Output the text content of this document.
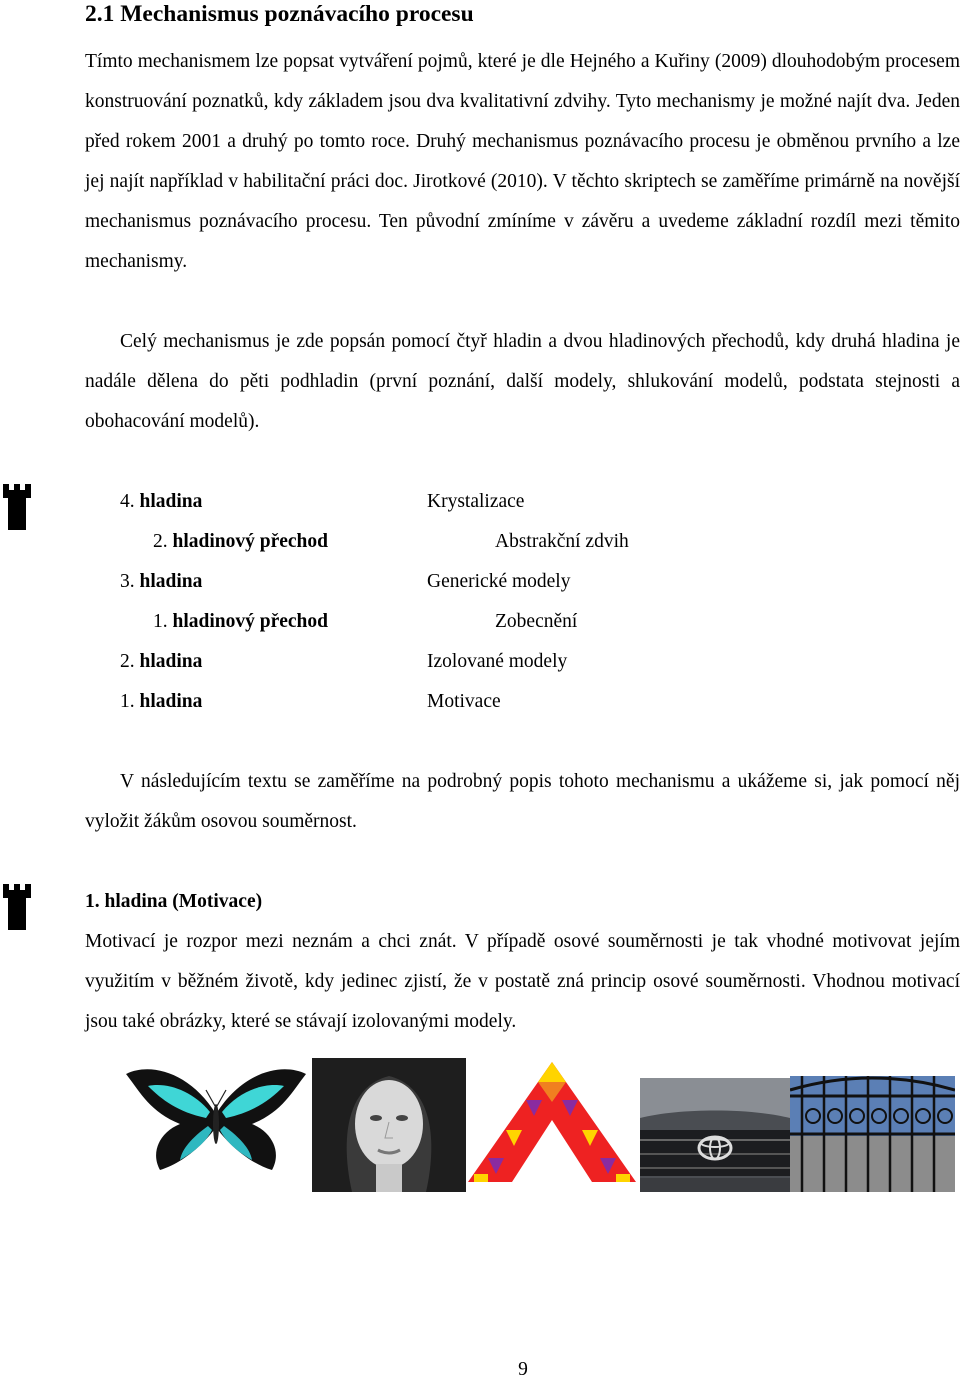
2.1 Mechanismus poznávacího procesu

Tímto mechanismem lze popsat vytváření pojmů, které je dle Hejného a Kuřiny (2009) dlouhodobým procesem konstruování poznatků, kdy základem jsou dva kvalitativní zdvihy. Tyto mechanismy je možné najít dva. Jeden před rokem 2001 a druhý po tomto roce. Druhý mechanismus poznávacího procesu je obměnou prvního a lze jej najít například v habilitační práci doc. Jirotkové (2010). V těchto skriptech se zaměříme primárně na novější mechanismus poznávacího procesu. Ten původní zmíníme v závěru a uvedeme základní rozdíl mezi těmito mechanismy.

Celý mechanismus je zde popsán pomocí čtyř hladin a dvou hladinových přechodů, kdy druhá hladina je nadále dělena do pěti podhladin (první poznání, další modely, shlukování modelů, podstata stejnosti a obohacování modelů).

4. hladina	Krystalizace
2. hladinový přechod	Abstrakční zdvih
3. hladina	Generické modely
1. hladinový přechod	Zobecnění
2. hladina	Izolované modely
1. hladina	Motivace

V následujícím textu se zaměříme na podrobný popis tohoto mechanismu a ukážeme si, jak pomocí něj vyložit žákům osovou souměrnost.

1. hladina (Motivace)

Motivací je rozpor mezi neznám a chci znát. V případě osové souměrnosti je tak vhodné motivovat jejím využitím v běžném životě, kdy jedinec zjistí, že v postatě zná princip osové souměrnosti. Vhodnou motivací jsou také obrázky, které se stávají izolovanými modely.

9
